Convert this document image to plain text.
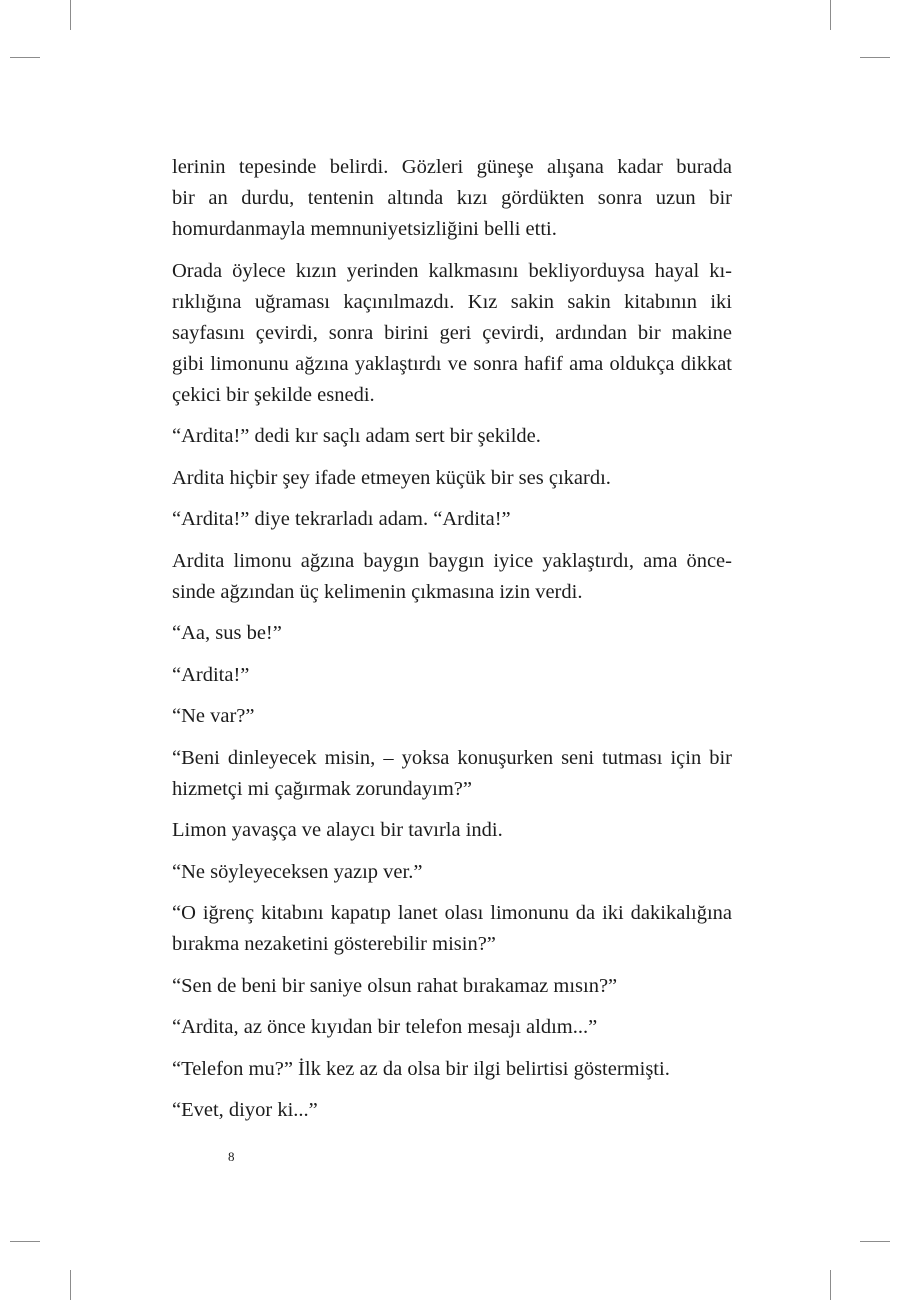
lerinin tepesinde belirdi. Gözleri güneşe alışana kadar burada
bir an durdu, tentenin altında kızı gördükten sonra uzun bir
homurdanmayla memnuniyetsizliğini belli etti.

Orada öylece kızın yerinden kalkmasını bekliyorduysa hayal kı-
rıklığına uğraması kaçınılmazdı. Kız sakin sakin kitabının iki
sayfasını çevirdi, sonra birini geri çevirdi, ardından bir makine
gibi limonunu ağzına yaklaştırdı ve sonra hafif ama oldukça dikkat
çekici bir şekilde esnedi.

“Ardita!” dedi kır saçlı adam sert bir şekilde.

Ardita hiçbir şey ifade etmeyen küçük bir ses çıkardı.

“Ardita!” diye tekrarladı adam. “Ardita!”

Ardita limonu ağzına baygın baygın iyice yaklaştırdı, ama önce-
sinde ağzından üç kelimenin çıkmasına izin verdi.

“Aa, sus be!”

“Ardita!”

“Ne var?”

“Beni dinleyecek misin, – yoksa konuşurken seni tutması için bir
hizmetçi mi çağırmak zorundayım?”

Limon yavaşça ve alaycı bir tavırla indi.

“Ne söyleyeceksen yazıp ver.”

“O iğrenç kitabını kapatıp lanet olası limonunu da iki dakikalığına
bırakma nezaketini gösterebilir misin?”

“Sen de beni bir saniye olsun rahat bırakamaz mısın?”

“Ardita, az önce kıyıdan bir telefon mesajı aldım...”

“Telefon mu?” İlk kez az da olsa bir ilgi belirtisi göstermişti.

“Evet, diyor ki...”

8
